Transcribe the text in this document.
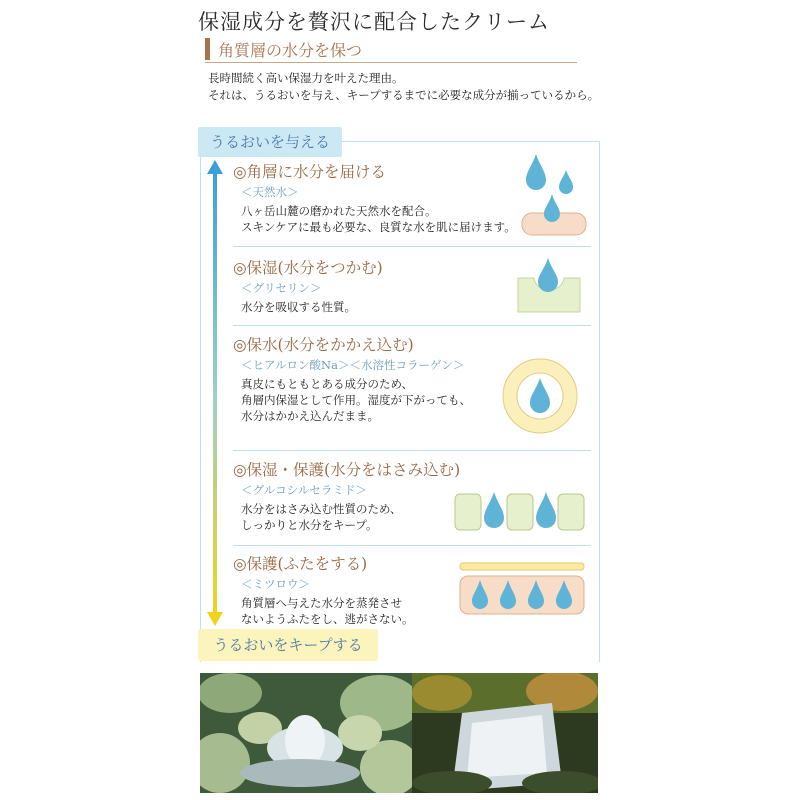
保湿成分を贅沢に配合したクリーム
角質層の水分を保つ
長時間続く高い保湿力を叶えた理由。
それは、うるおいを与え、キープするまでに必要な成分が揃っているから。
うるおいを与える
うるおいをキープする
◎角層に水分を届ける
＜天然水＞
八ヶ岳山麓の磨かれた天然水を配合。
スキンケアに最も必要な、良質な水を肌に届けます。
◎保湿(水分をつかむ)
＜グリセリン＞
水分を吸収する性質。
◎保水(水分をかかえ込む)
＜ヒアルロン酸Na＞＜水溶性コラーゲン＞
真皮にもともとある成分のため、
角層内保湿として作用。湿度が下がっても、
水分はかかえ込んだまま。
◎保湿・保護(水分をはさみ込む)
＜グルコシルセラミド＞
水分をはさみ込む性質のため、
しっかりと水分をキープ。
◎保護(ふたをする)
＜ミツロウ＞
角質層へ与えた水分を蒸発させ
ないようふたをし、逃がさない。
